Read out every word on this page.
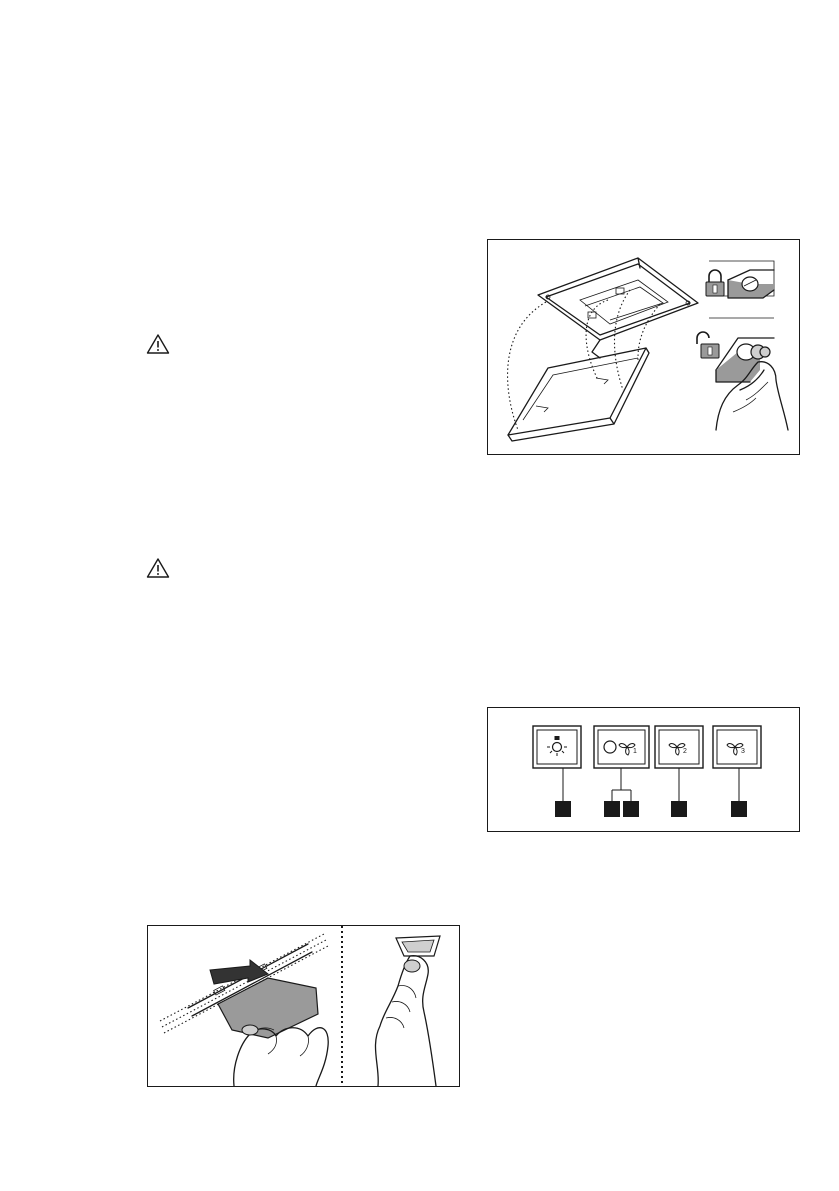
1	2	3
